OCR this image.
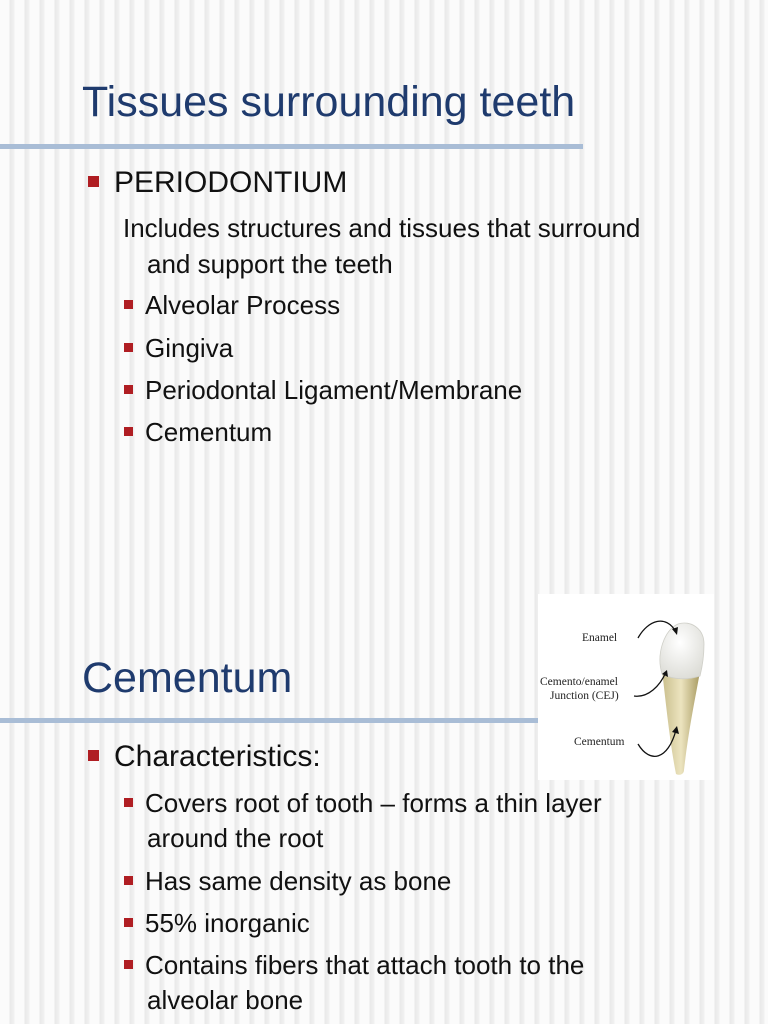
Tissues surrounding teeth
PERIODONTIUM
Includes structures and tissues that surround
and support the teeth
Alveolar Process
Gingiva
Periodontal Ligament/Membrane
Cementum
Cementum
Enamel
Cemento/enamel
Junction (CEJ)
Cementum
Characteristics:
Covers root of tooth – forms a thin layer
around the root
Has same density as bone
55% inorganic
Contains fibers that attach tooth to the
alveolar bone
